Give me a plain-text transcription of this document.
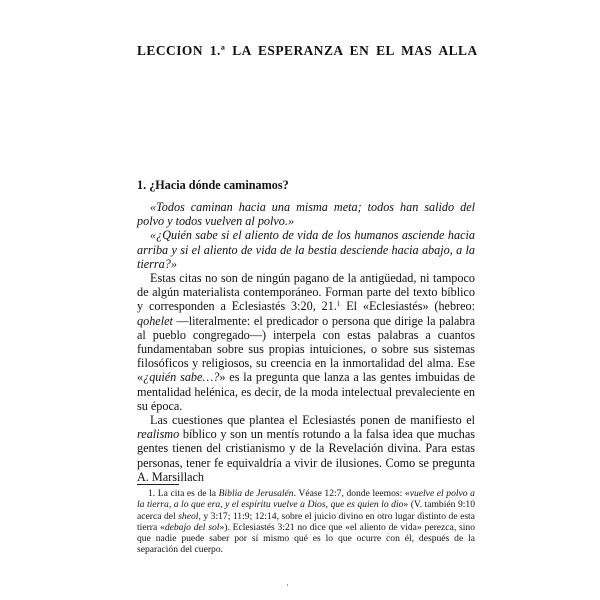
LECCION 1.ª LA ESPERANZA EN EL MAS ALLA
1. ¿Hacia dónde caminamos?

«Todos caminan hacia una misma meta; todos han salido del polvo y todos vuelven al polvo.»

«¿Quién sabe si el aliento de vida de los humanos asciende hacia arriba y si el aliento de vida de la bestia desciende hacia abajo, a la tierra?»

Estas citas no son de ningún pagano de la antigüedad, ni tampoco de algún materialista contemporáneo. Forman parte del texto bíblico y corresponden a Eclesiastés 3:20, 21.$^1$ El «Eclesiastés» (hebreo: qohelet —literalmente: el predicador o persona que dirige la palabra al pueblo congregado—) interpela con estas palabras a cuantos fundamentaban sobre sus propias intuiciones, o sobre sus sistemas filosóficos y religiosos, su creencia en la inmortalidad del alma. Ese «¿quién sabe…?» es la pregunta que lanza a las gentes imbuidas de mentalidad helénica, es decir, de la moda intelectual prevaleciente en su época.

Las cuestiones que plantea el Eclesiastés ponen de manifiesto el realismo bíblico y son un mentís rotundo a la falsa idea que muchas gentes tienen del cristianismo y de la Revelación divina. Para estas personas, tener fe equivaldría a vivir de ilusiones. Como se pregunta A. Marsillach

1. La cita es de la Biblia de Jerusalén. Véase 12:7, donde leemos: «vuelve el polvo a la tierra, a lo que era, y el espíritu vuelve a Dios, que es quien lo dio» (V. también 9:10 acerca del sheol, y 3:17; 11:9; 12:14, sobre el juicio divino en otro lugar distinto de esta tierra «debajo del sol»). Eclesiastés 3:21 no dice que «el aliento de vida» perezca, sino que nadie puede saber por sí mismo qué es lo que ocurre con él, después de la separación del cuerpo.

·
